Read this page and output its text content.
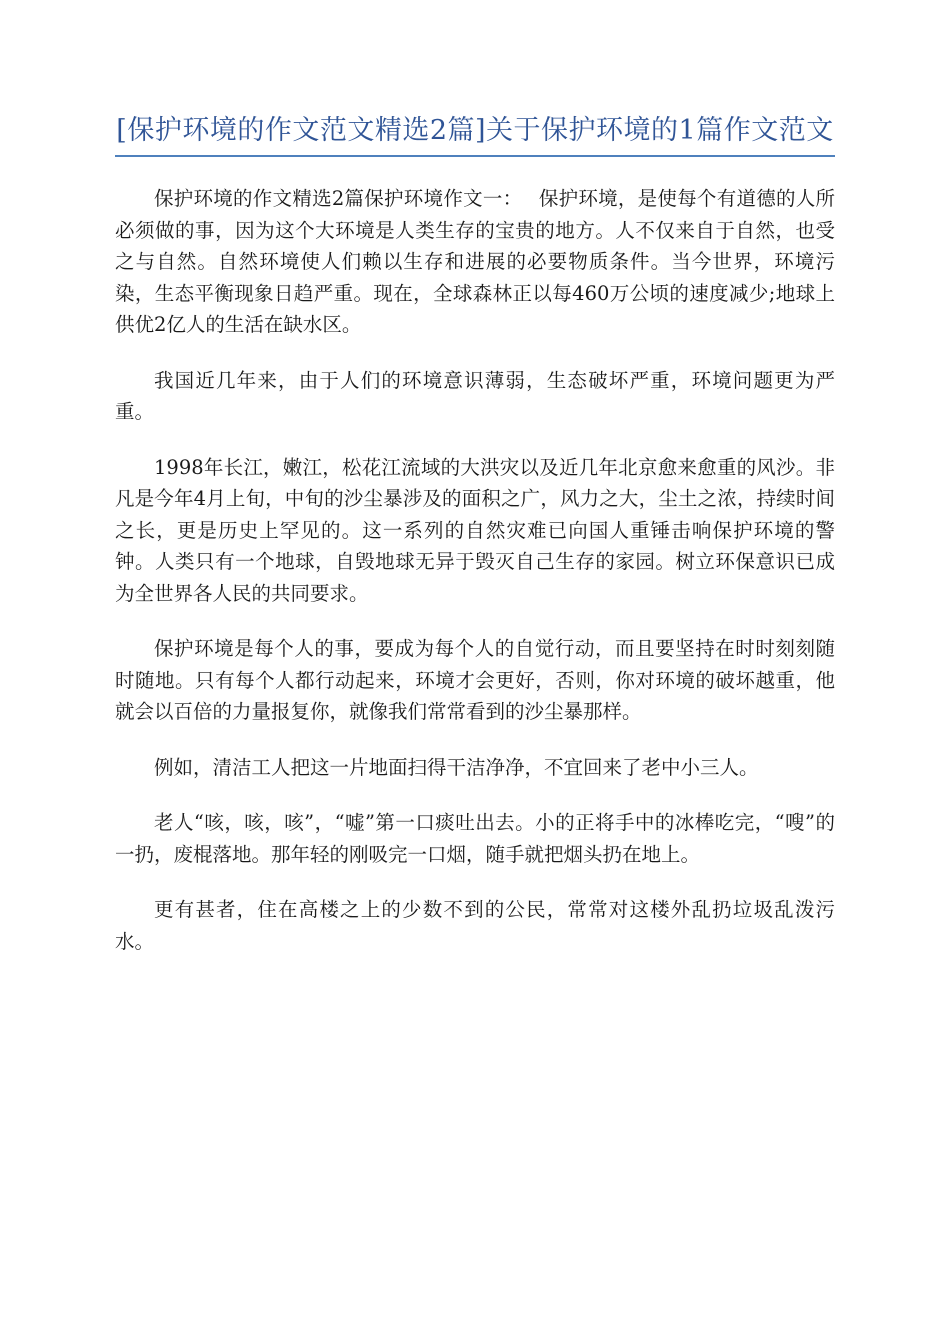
[保护环境的作文范文精选2篇]关于保护环境的1篇作文范文

保护环境的作文精选2篇保护环境作文一：　 保护环境，是使每个有道德的人所必须做的事，因为这个大环境是人类生存的宝贵的地方。人不仅来自于自然，也受之与自然。自然环境使人们赖以生存和进展的必要物质条件。当今世界，环境污染，生态平衡现象日趋严重。现在，全球森林正以每460万公顷的速度减少;地球上供优2亿人的生活在缺水区。

我国近几年来，由于人们的环境意识薄弱，生态破坏严重，环境问题更为严重。

1998年长江，嫩江，松花江流域的大洪灾以及近几年北京愈来愈重的风沙。非凡是今年4月上旬，中旬的沙尘暴涉及的面积之广，风力之大，尘土之浓，持续时间之长，更是历史上罕见的。这一系列的自然灾难已向国人重锤击响保护环境的警钟。人类只有一个地球，自毁地球无异于毁灭自己生存的家园。树立环保意识已成为全世界各人民的共同要求。

保护环境是每个人的事，要成为每个人的自觉行动，而且要坚持在时时刻刻随时随地。只有每个人都行动起来，环境才会更好，否则，你对环境的破坏越重，他就会以百倍的力量报复你，就像我们常常看到的沙尘暴那样。

例如，清洁工人把这一片地面扫得干洁净净，不宜回来了老中小三人。

老人“咳，咳，咳”，“嘘”第一口痰吐出去。小的正将手中的冰棒吃完，“嗖”的一扔，废棍落地。那年轻的刚吸完一口烟，随手就把烟头扔在地上。

更有甚者，住在高楼之上的少数不到的公民，常常对这楼外乱扔垃圾乱泼污水。
